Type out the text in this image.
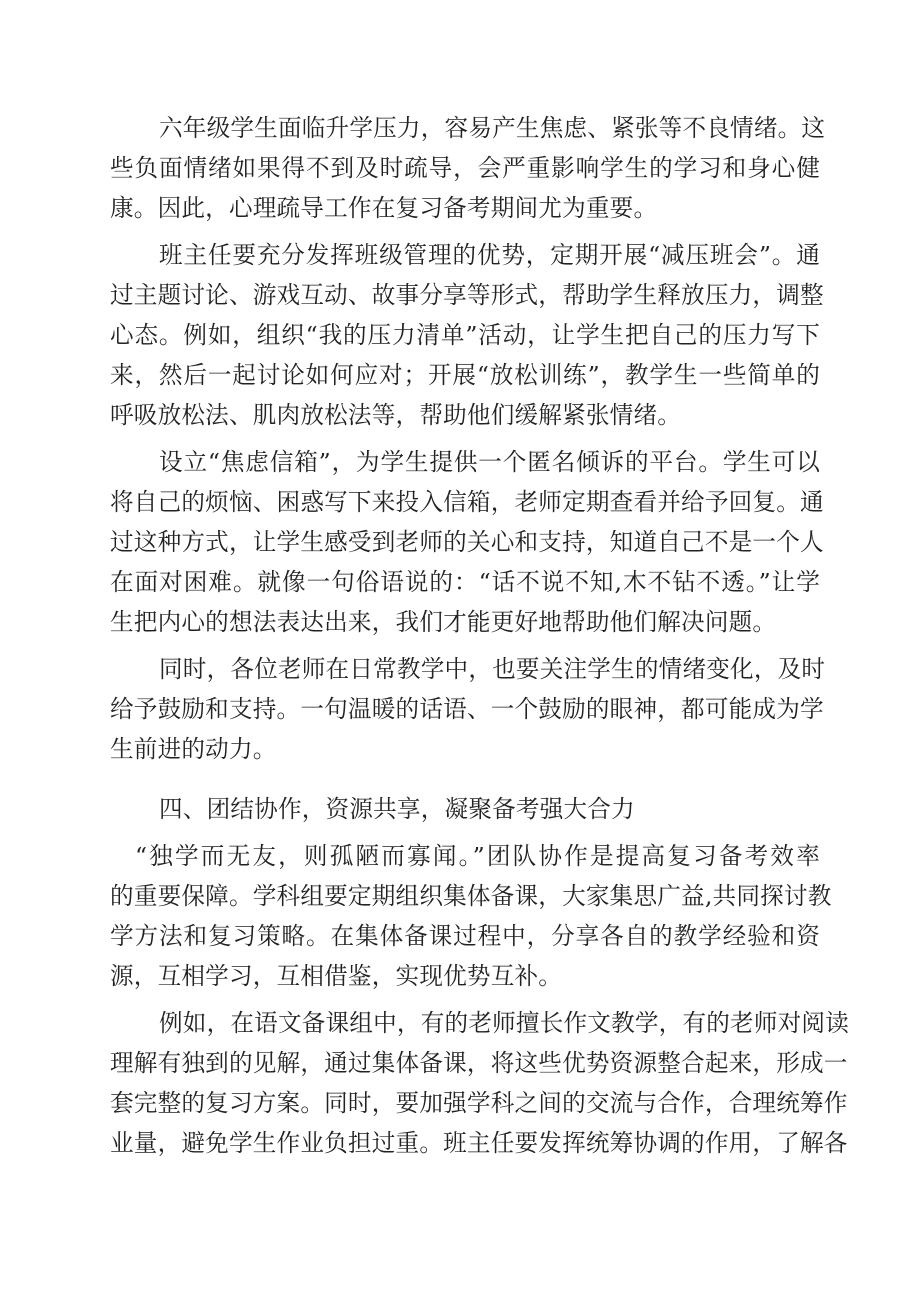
六年级学生面临升学压力，容易产生焦虑、紧张等不良情绪。这
些负面情绪如果得不到及时疏导，会严重影响学生的学习和身心健
康。因此，心理疏导工作在复习备考期间尤为重要。
班主任要充分发挥班级管理的优势，定期开展“减压班会”。通
过主题讨论、游戏互动、故事分享等形式，帮助学生释放压力，调整
心态。例如，组织“我的压力清单”活动，让学生把自己的压力写下
来，然后一起讨论如何应对；开展“放松训练”，教学生一些简单的
呼吸放松法、肌肉放松法等，帮助他们缓解紧张情绪。
设立“焦虑信箱”，为学生提供一个匿名倾诉的平台。学生可以
将自己的烦恼、困惑写下来投入信箱，老师定期查看并给予回复。通
过这种方式，让学生感受到老师的关心和支持，知道自己不是一个人
在面对困难。就像一句俗语说的：“话不说不知,木不钻不透。”让学
生把内心的想法表达出来，我们才能更好地帮助他们解决问题。
同时，各位老师在日常教学中，也要关注学生的情绪变化，及时
给予鼓励和支持。一句温暖的话语、一个鼓励的眼神，都可能成为学
生前进的动力。
四、团结协作，资源共享，凝聚备考强大合力
“独学而无友，则孤陋而寡闻。”团队协作是提高复习备考效率
的重要保障。学科组要定期组织集体备课，大家集思广益,共同探讨教
学方法和复习策略。在集体备课过程中，分享各自的教学经验和资
源，互相学习，互相借鉴，实现优势互补。
例如，在语文备课组中，有的老师擅长作文教学，有的老师对阅读
理解有独到的见解，通过集体备课，将这些优势资源整合起来，形成一
套完整的复习方案。同时，要加强学科之间的交流与合作，合理统筹作
业量，避免学生作业负担过重。班主任要发挥统筹协调的作用，了解各
